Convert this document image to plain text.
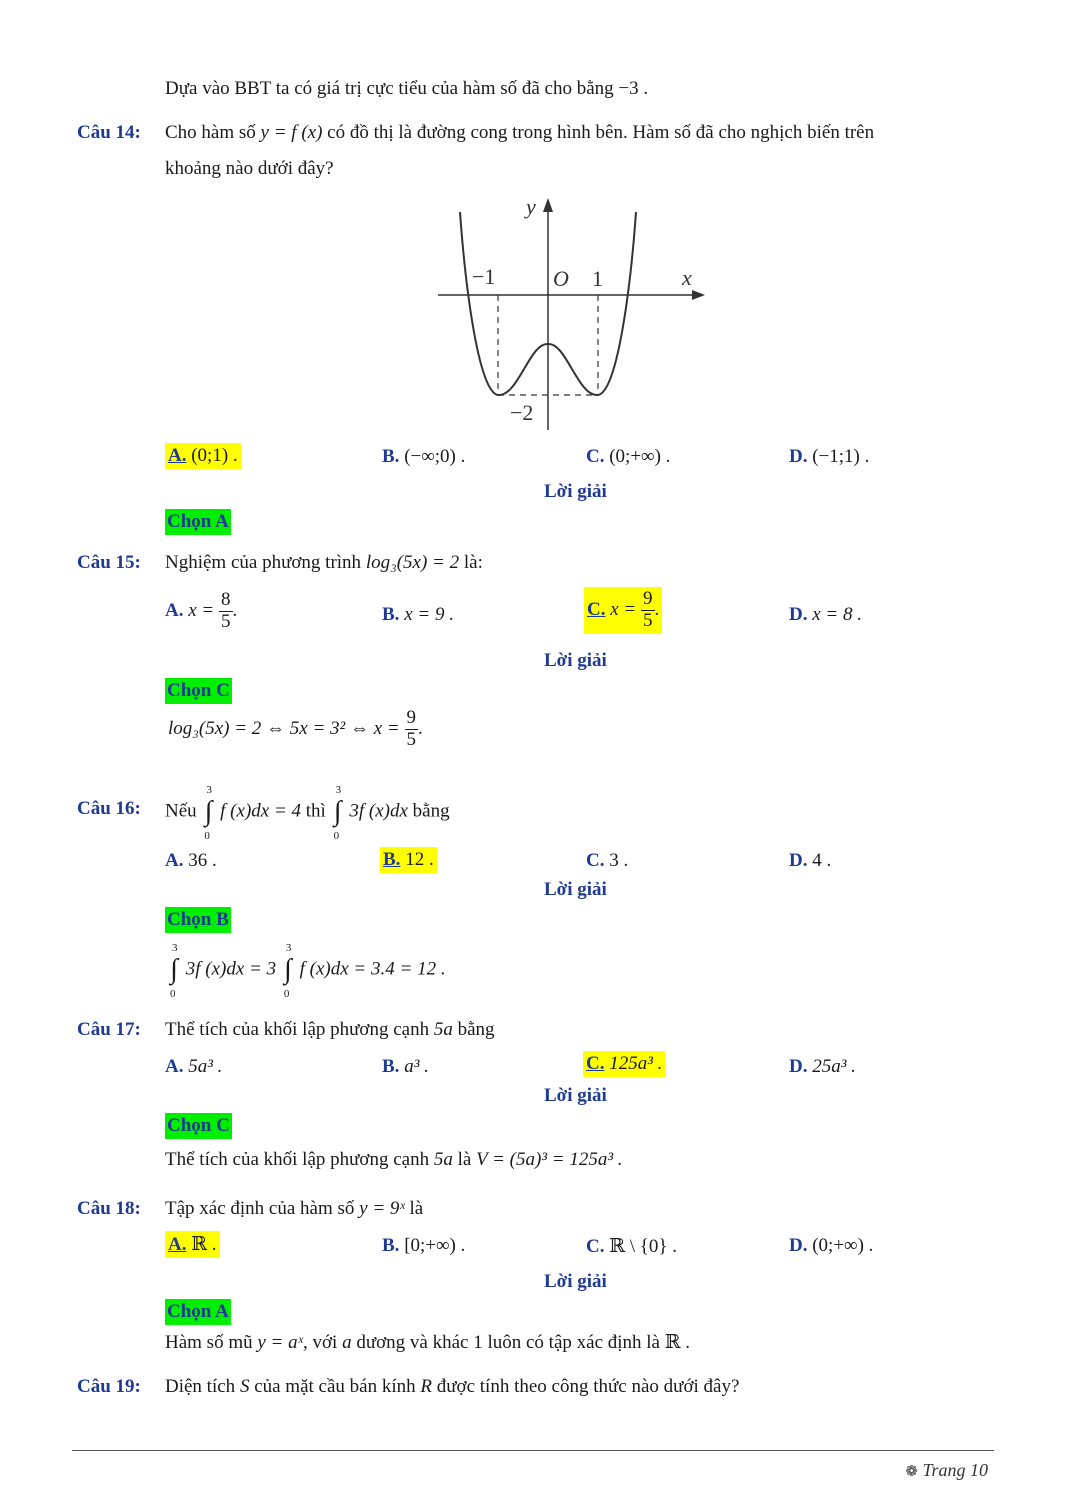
Dựa vào BBT ta có giá trị cực tiểu của hàm số đã cho bằng −3 .
Câu 14: Cho hàm số y = f (x) có đồ thị là đường cong trong hình bên. Hàm số đã cho nghịch biến trên
khoảng nào dưới đây?
y
x
O
−1	1
−2
A. (0;1) .	B. (−∞;0) .	C. (0;+∞) .	D. (−1;1) .
Lời giải
Chọn A
Câu 15: Nghiệm của phương trình log₃(5x) = 2 là:
A. $x = \frac{8}{5}$ .	B. x = 9 .	C. $x = \frac{9}{5}$ .	D. x = 8 .
Lời giải
Chọn C
log₃(5x) = 2 ⇔ 5x = 3² ⇔ $x = \frac{9}{5}$ .
Câu 16: Nếu
3
∫
0
f (x)dx = 4 thì
3
∫
0
3f (x)dx bằng
A. 36 .	B. 12 .	C. 3 .	D. 4 .
Lời giải
Chọn B
3
∫
0
3f (x)dx = 3
3
∫
0
f (x)dx = 3.4 = 12 .
Câu 17: Thể tích của khối lập phương cạnh 5a bằng
A. 5a³ .	B. a³ .	C. 125a³ .	D. 25a³ .
Lời giải
Chọn C
Thể tích của khối lập phương cạnh 5a là V = (5a)³ = 125a³ .
Câu 18: Tập xác định của hàm số y = 9ˣ là
A. ℝ .	B. [0;+∞) .	C. ℝ \ {0} .	D. (0;+∞) .
Lời giải
Chọn A
Hàm số mũ y = aˣ, với a dương và khác 1 luôn có tập xác định là ℝ .
Câu 19: Diện tích S của mặt cầu bán kính R được tính theo công thức nào dưới đây?
❁ Trang 10
